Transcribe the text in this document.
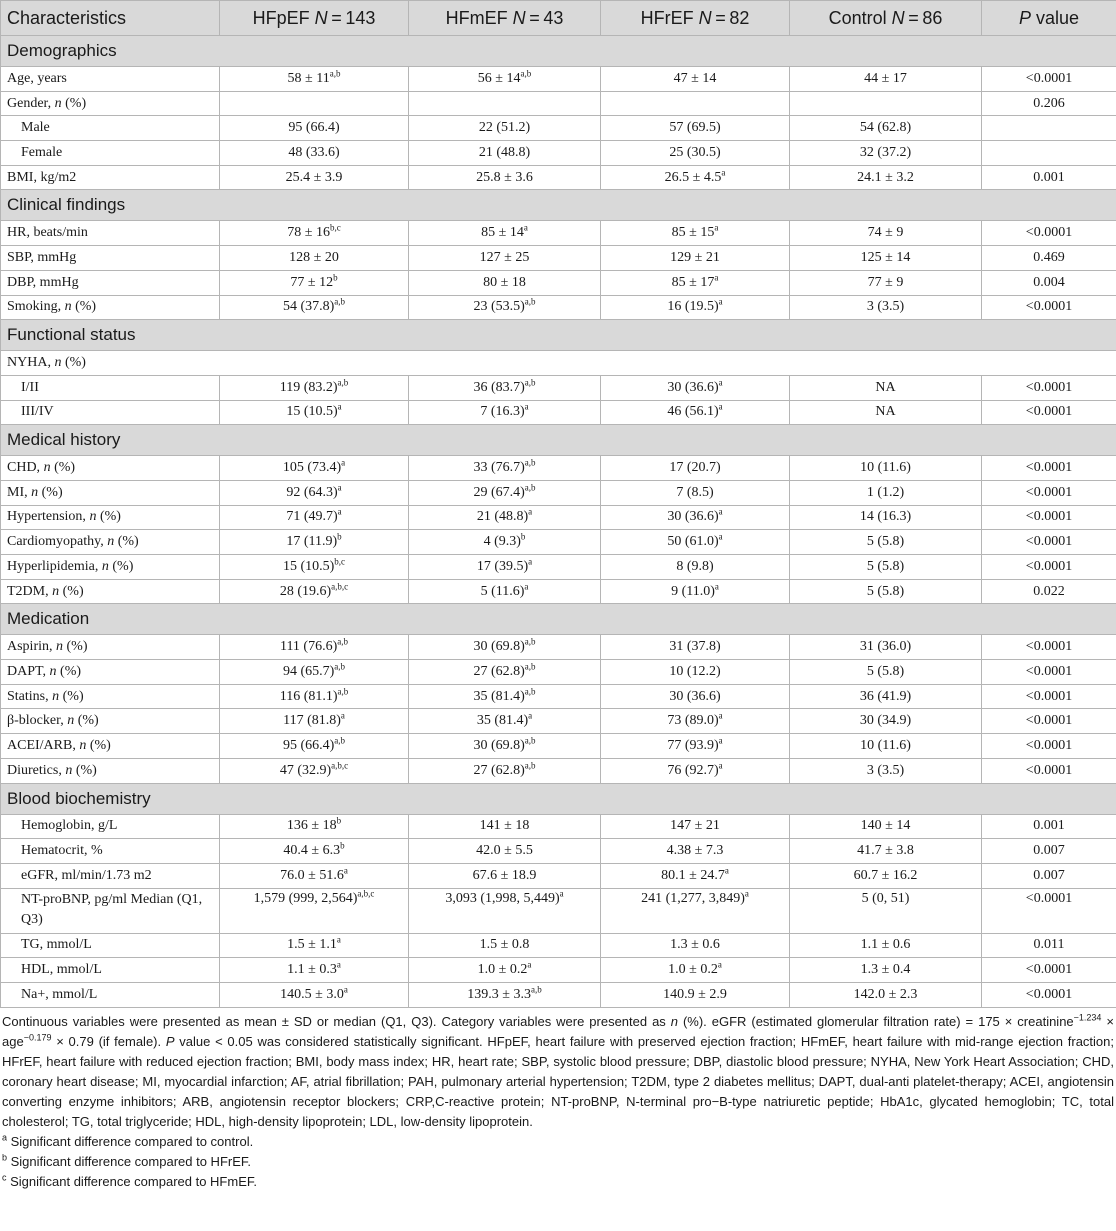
Characteristics	HFpEF N = 143	HFmEF N = 43	HFrEF N = 82	Control N = 86	P value
Demographics					
Age, years	$58 \pm 11^{a,b}$	$56 \pm 14^{a,b}$	47 ± 14	44 ± 17	<0.0001
Gender, n (%)					0.206
Male	95 (66.4)	22 (51.2)	57 (69.5)	54 (62.8)	
Female	48 (33.6)	21 (48.8)	25 (30.5)	32 (37.2)	
BMI, kg/m2	25.4 ± 3.9	25.8 ± 3.6	26.5 ± 4.5$^a$	24.1 ± 3.2	0.001
Clinical findings					
HR, beats/min	$78 \pm 16^{b,c}$	$85 \pm 14^a$	$85 \pm 15^a$	74 ± 9	<0.0001
SBP, mmHg	128 ± 20	127 ± 25	129 ± 21	125 ± 14	0.469
DBP, mmHg	$77 \pm 12^b$	80 ± 18	$85 \pm 17^a$	77 ± 9	0.004
Smoking, n (%)	54 $(37.8)^{a,b}$	23 $(53.5)^{a,b}$	16 $(19.5)^a$	3 (3.5)	<0.0001
Functional status					
NYHA, n (%)					
I/II	119 $(83.2)^{a,b}$	36 $(83.7)^{a,b}$	30 $(36.6)^a$	NA	<0.0001
III/IV	15 $(10.5)^a$	7 $(16.3)^a$	46 $(56.1)^a$	NA	<0.0001
Medical history					
CHD, n (%)	105 $(73.4)^a$	33 $(76.7)^{a,b}$	17 (20.7)	10 (11.6)	<0.0001
MI, n (%)	92 $(64.3)^a$	29 $(67.4)^{a,b}$	7 (8.5)	1 (1.2)	<0.0001
Hypertension, n (%)	71 $(49.7)^a$	21 $(48.8)^a$	30 $(36.6)^a$	14 (16.3)	<0.0001
Cardiomyopathy, n (%)	17 $(11.9)^b$	4 $(9.3)^b$	50 $(61.0)^a$	5 (5.8)	<0.0001
Hyperlipidemia, n (%)	15 $(10.5)^{b,c}$	17 $(39.5)^a$	8 (9.8)	5 (5.8)	<0.0001
T2DM, n (%)	28 $(19.6)^{a,b,c}$	5 $(11.6)^a$	9 $(11.0)^a$	5 (5.8)	0.022
Medication					
Aspirin, n (%)	111 $(76.6)^{a,b}$	30 $(69.8)^{a,b}$	31 (37.8)	31 (36.0)	<0.0001
DAPT, n (%)	94 $(65.7)^{a,b}$	27 $(62.8)^{a,b}$	10 (12.2)	5 (5.8)	<0.0001
Statins, n (%)	116 $(81.1)^{a,b}$	35 $(81.4)^{a,b}$	30 (36.6)	36 (41.9)	<0.0001
β-blocker, n (%)	117 $(81.8)^a$	35 $(81.4)^a$	73 $(89.0)^a$	30 (34.9)	<0.0001
ACEI/ARB, n (%)	95 $(66.4)^{a,b}$	30 $(69.8)^{a,b}$	77 $(93.9)^a$	10 (11.6)	<0.0001
Diuretics, n (%)	47 $(32.9)^{a,b,c}$	27 $(62.8)^{a,b}$	76 $(92.7)^a$	3 (3.5)	<0.0001
Blood biochemistry					
Hemoglobin, g/L	$136 \pm 18^b$	141 ± 18	147 ± 21	140 ± 14	0.001
Hematocrit, %	40.4 ± 6.3$^b$	42.0 ± 5.5	4.38 ± 7.3	41.7 ± 3.8	0.007
eGFR, ml/min/1.73 m2	76.0 ± 51.6$^a$	67.6 ± 18.9	80.1 ± 24.7$^a$	60.7 ± 16.2	0.007
NT-proBNP, pg/ml Median (Q1, Q3)	1,579 (999, 2,564)$^{a,b,c}$	3,093 (1,998, 5,449)$^a$	241 (1,277, 3,849)$^a$	5 (0, 51)	<0.0001
TG, mmol/L	1.5 ± 1.1$^a$	1.5 ± 0.8	1.3 ± 0.6	1.1 ± 0.6	0.011
HDL, mmol/L	1.1 ± 0.3$^a$	1.0 ± 0.2$^a$	1.0 ± 0.2$^a$	1.3 ± 0.4	<0.0001
Na+, mmol/L	140.5 ± 3.0$^a$	$139.3 \pm 3.3^{a,b}$	140.9 ± 2.9	142.0 ± 2.3	<0.0001

Continuous variables were presented as mean ± SD or median (Q1, Q3). Category variables were presented as n (%). eGFR (estimated glomerular filtration rate) = 175 × creatinine$^{-1.234}$ × age$^{-0.179}$ × 0.79 (if female). P value < 0.05 was considered statistically significant. HFpEF, heart failure with preserved ejection fraction; HFmEF, heart failure with mid-range ejection fraction; HFrEF, heart failure with reduced ejection fraction; BMI, body mass index; HR, heart rate; SBP, systolic blood pressure; DBP, diastolic blood pressure; NYHA, New York Heart Association; CHD, coronary heart disease; MI, myocardial infarction; AF, atrial fibrillation; PAH, pulmonary arterial hypertension; T2DM, type 2 diabetes mellitus; DAPT, dual-anti platelet-therapy; ACEI, angiotensin converting enzyme inhibitors; ARB, angiotensin receptor blockers; CRP,C-reactive protein; NT-proBNP, N-terminal pro−B-type natriuretic peptide; HbA1c, glycated hemoglobin; TC, total cholesterol; TG, total triglyceride; HDL, high-density lipoprotein; LDL, low-density lipoprotein.

$^a$ Significant difference compared to control.

$^b$ Significant difference compared to HFrEF.

$^c$ Significant difference compared to HFmEF.
